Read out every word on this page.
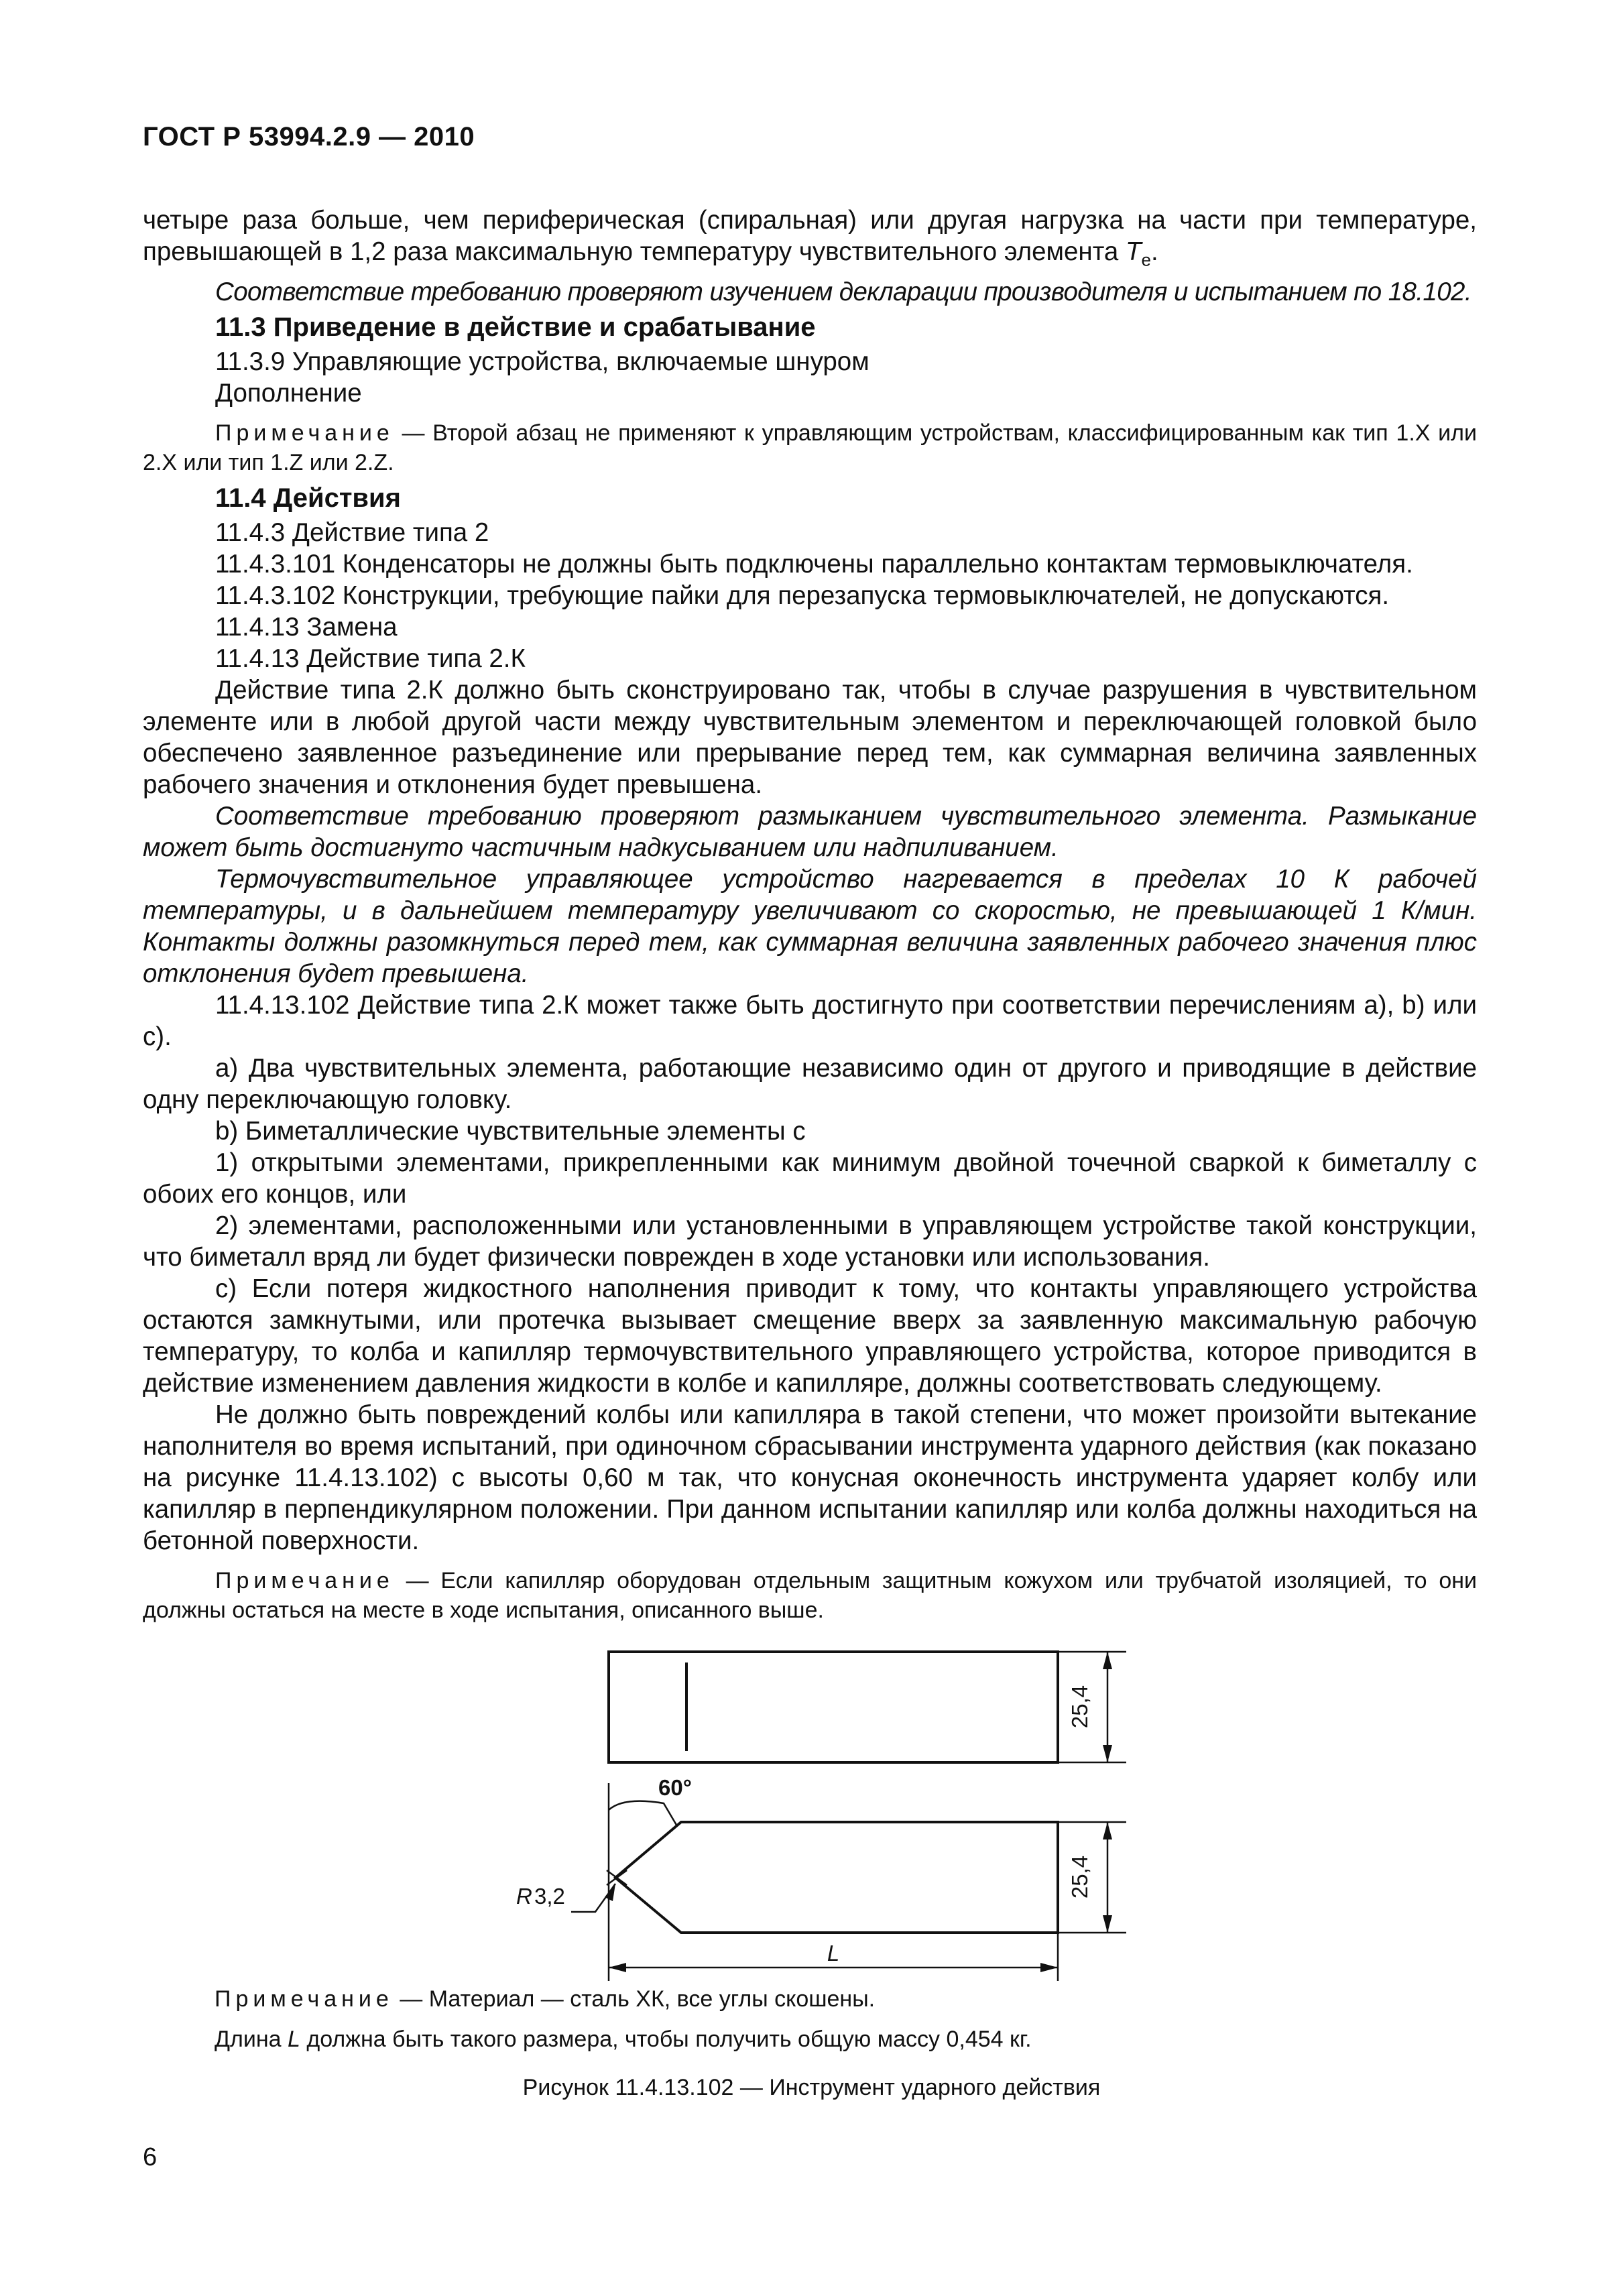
ГОСТ Р 53994.2.9 — 2010

четыре раза больше, чем периферическая (спиральная) или другая нагрузка на части при температуре, превышающей в 1,2 раза максимальную температуру чувствительного элемента $T_e$.

Соответствие требованию проверяют изучением декларации производителя и испытанием по 18.102.

11.3 Приведение в действие и срабатывание

11.3.9 Управляющие устройства, включаемые шнуром

Дополнение

Примечание — Второй абзац не применяют к управляющим устройствам, классифицированным как тип 1.X или 2.X или тип 1.Z или 2.Z.

11.4 Действия

11.4.3 Действие типа 2

11.4.3.101 Конденсаторы не должны быть подключены параллельно контактам термовыключателя.

11.4.3.102 Конструкции, требующие пайки для перезапуска термовыключателей, не допускаются.

11.4.13 Замена

11.4.13 Действие типа 2.К

Действие типа 2.К должно быть сконструировано так, чтобы в случае разрушения в чувствительном элементе или в любой другой части между чувствительным элементом и переключающей головкой было обеспечено заявленное разъединение или прерывание перед тем, как суммарная величина заявленных рабочего значения и отклонения будет превышена.

Соответствие требованию проверяют размыканием чувствительного элемента. Размыкание может быть достигнуто частичным надкусыванием или надпиливанием.

Термочувствительное управляющее устройство нагревается в пределах 10 К рабочей температуры, и в дальнейшем температуру увеличивают со скоростью, не превышающей 1 К/мин. Контакты должны разомкнуться перед тем, как суммарная величина заявленных рабочего значения плюс отклонения будет превышена.

11.4.13.102 Действие типа 2.К может также быть достигнуто при соответствии перечислениям a), b) или c).

a) Два чувствительных элемента, работающие независимо один от другого и приводящие в действие одну переключающую головку.

b) Биметаллические чувствительные элементы с

1) открытыми элементами, прикрепленными как минимум двойной точечной сваркой к биметаллу с обоих его концов, или

2) элементами, расположенными или установленными в управляющем устройстве такой конструкции, что биметалл вряд ли будет физически поврежден в ходе установки или использования.

c) Если потеря жидкостного наполнения приводит к тому, что контакты управляющего устройства остаются замкнутыми, или протечка вызывает смещение вверх за заявленную максимальную рабочую температуру, то колба и капилляр термочувствительного управляющего устройства, которое приводится в действие изменением давления жидкости в колбе и капилляре, должны соответствовать следующему.

Не должно быть повреждений колбы или капилляра в такой степени, что может произойти вытекание наполнителя во время испытаний, при одиночном сбрасывании инструмента ударного действия (как показано на рисунке 11.4.13.102) с высоты 0,60 м так, что конусная оконечность инструмента ударяет колбу или капилляр в перпендикулярном положении. При данном испытании капилляр или колба должны находиться на бетонной поверхности.

Примечание — Если капилляр оборудован отдельным защитным кожухом или трубчатой изоляцией, то они должны остаться на месте в ходе испытания, описанного выше.

25,4
25,4
60°
R 3,2
L
Примечание — Материал — сталь ХК, все углы скошены.
Длина L должна быть такого размера, чтобы получить общую массу 0,454 кг.
Рисунок 11.4.13.102 — Инструмент ударного действия
6
